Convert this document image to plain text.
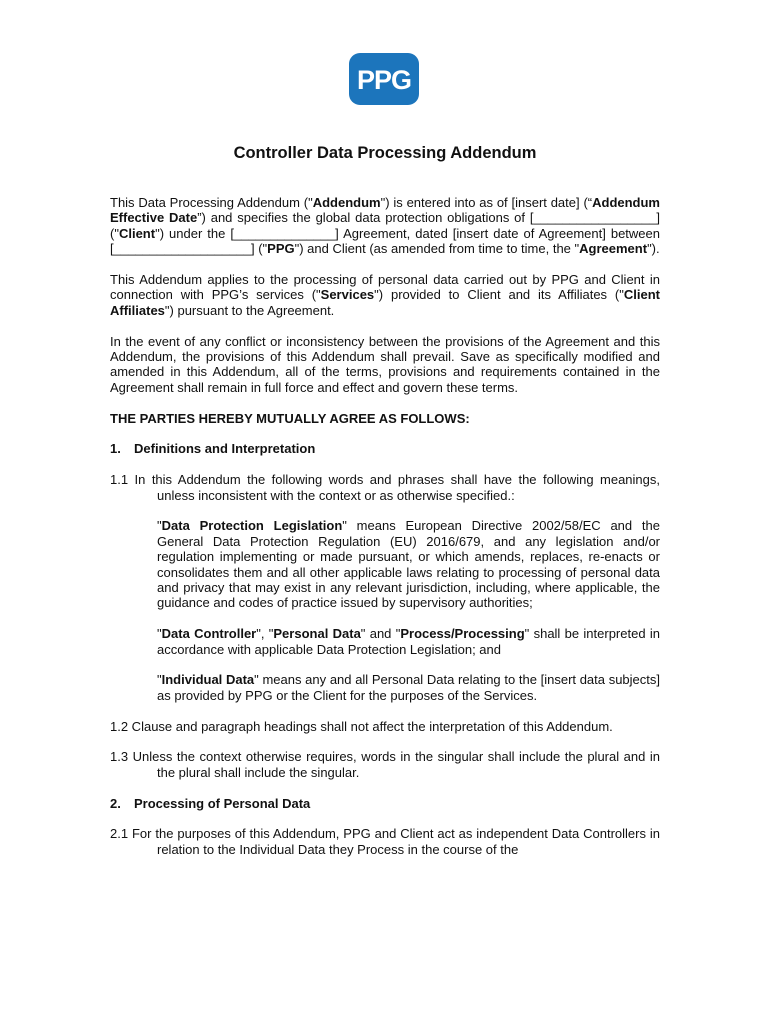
PPG
Controller Data Processing Addendum

This Data Processing Addendum ("Addendum") is entered into as of [insert date] (“Addendum Effective Date”) and specifies the global data protection obligations of [_________________] ("Client") under the [______________] Agreement, dated [insert date of Agreement] between [___________________] ("PPG") and Client (as amended from time to time, the "Agreement").

This Addendum applies to the processing of personal data carried out by PPG and Client in connection with PPG’s services ("Services") provided to Client and its Affiliates ("Client Affiliates") pursuant to the Agreement.

In the event of any conflict or inconsistency between the provisions of the Agreement and this Addendum, the provisions of this Addendum shall prevail. Save as specifically modified and amended in this Addendum, all of the terms, provisions and requirements contained in the Agreement shall remain in full force and effect and govern these terms.

THE PARTIES HEREBY MUTUALLY AGREE AS FOLLOWS:

1. Definitions and Interpretation

1.1 In this Addendum the following words and phrases shall have the following meanings, unless inconsistent with the context or as otherwise specified.:

"Data Protection Legislation" means European Directive 2002/58/EC and the General Data Protection Regulation (EU) 2016/679, and any legislation and/or regulation implementing or made pursuant, or which amends, replaces, re-enacts or consolidates them and all other applicable laws relating to processing of personal data and privacy that may exist in any relevant jurisdiction, including, where applicable, the guidance and codes of practice issued by supervisory authorities;

"Data Controller", "Personal Data" and "Process/Processing" shall be interpreted in accordance with applicable Data Protection Legislation; and

"Individual Data" means any and all Personal Data relating to the [insert data subjects] as provided by PPG or the Client for the purposes of the Services.

1.2 Clause and paragraph headings shall not affect the interpretation of this Addendum.

1.3 Unless the context otherwise requires, words in the singular shall include the plural and in the plural shall include the singular.

2. Processing of Personal Data

2.1 For the purposes of this Addendum, PPG and Client act as independent Data Controllers in relation to the Individual Data they Process in the course of the
